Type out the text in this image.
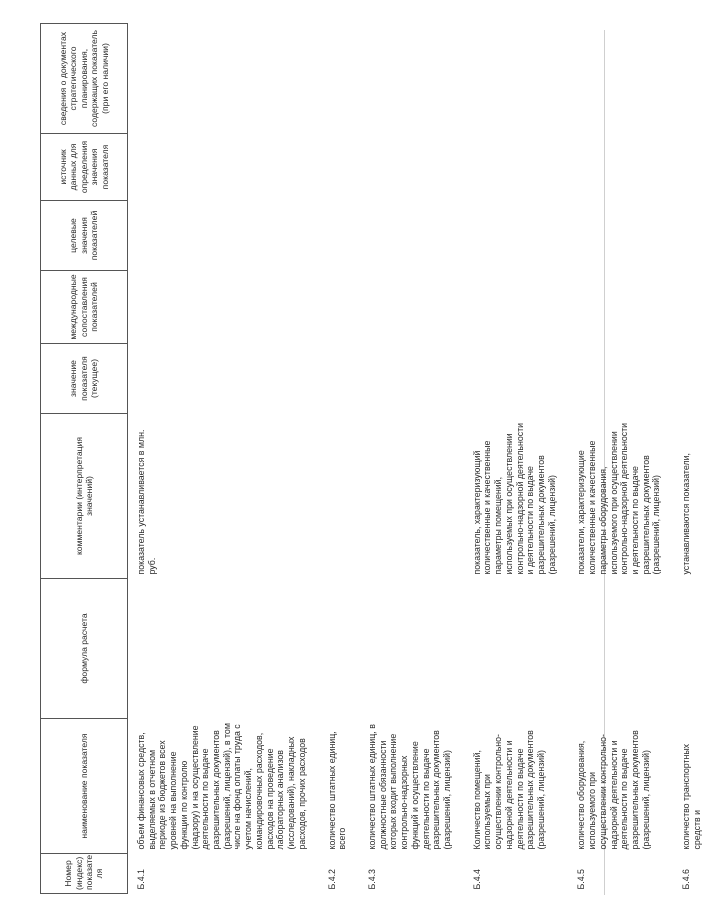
Номер (индекс) показате ля	наименование показателя	формула расчета	комментарии (интерпретация значений)	значение показателя (текущее)	международные сопоставления показателей	целевые значения показателей	источник данных для определения значения показателя	сведения о документах стратегического планирования, содержащих показатель (при его наличии)
Б.4.1	объем финансовых средств, выделяемых в отчетном периоде из бюджетов всех уровней на выполнение функции по контролю (надзору) и на осуществление деятельности по выдаче разрешительных документов (разрешений, лицензий), в том числе на фонд оплаты труда с учетом начислений, командировочных расходов, расходов на проведение лабораторных анализов (исследований), накладных расходов, прочих расходов		показатель устанавливается в млн. руб.					
Б.4.2	количество штатных единиц, всего							
Б.4.3	количество штатных единиц, в должностные обязанности которых входит выполнение контрольно-надзорных функций и осуществление деятельности по выдаче разрешительных документов (разрешений, лицензий)							
Б.4.4	Количество помещений, используемых при осуществлении контрольно-надзорной деятельности и деятельности по выдаче разрешительных документов (разрешений, лицензий)		показатель, характеризующий количественные и качественные параметры помещений, используемых при осуществлении контрольно-надзорной деятельности и деятельности по выдаче разрешительных документов (разрешений, лицензий)					
Б.4.5	количество оборудования, используемого при осуществлении контрольно-надзорной деятельности и деятельности по выдаче разрешительных документов (разрешений, лицензий)		показатели, характеризующие количественные и качественные параметры оборудования, используемого при осуществлении контрольно-надзорной деятельности и деятельности по выдаче разрешительных документов (разрешений, лицензий)					
Б.4.6	количество транспортных средств и		устанавливаются показатели,					
